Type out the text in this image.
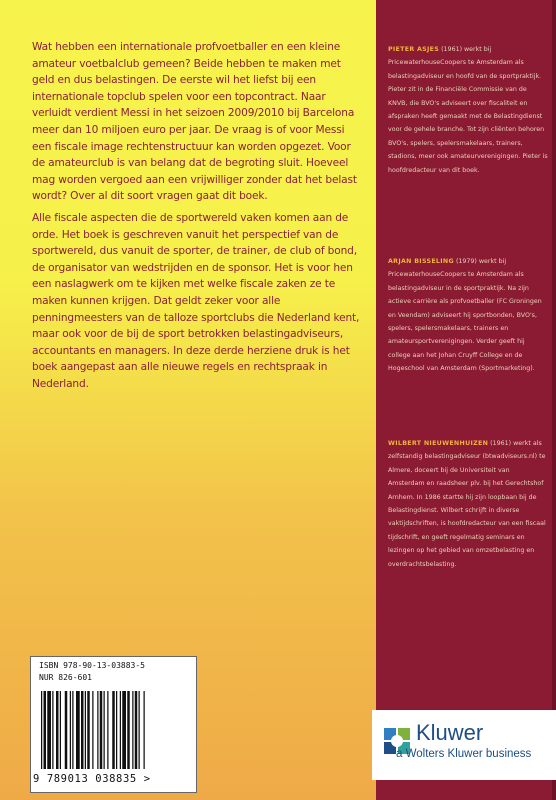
Wat hebben een internationale profvoetballer en een kleine amateur voetbalclub gemeen? Beide hebben te maken met geld en dus belastingen. De eerste wil het liefst bij een internationale topclub spelen voor een topcontract. Naar verluidt verdient Messi in het seizoen 2009/2010 bij Barcelona meer dan 10 miljoen euro per jaar. De vraag is of voor Messi een fiscale image rechtenstructuur kan worden opgezet. Voor de amateurclub is van belang dat de begroting sluit. Hoeveel mag worden vergoed aan een vrijwilliger zonder dat het belast wordt? Over al dit soort vragen gaat dit boek.

Alle fiscale aspecten die de sportwereld vaken komen aan de orde. Het boek is geschreven vanuit het perspectief van de sportwereld, dus vanuit de sporter, de trainer, de club of bond, de organisator van wedstrijden en de sponsor. Het is voor hen een naslagwerk om te kijken met welke fiscale zaken ze te maken kunnen krijgen. Dat geldt zeker voor alle penningmeesters van de talloze sportclubs die Nederland kent, maar ook voor de bij de sport betrokken belastingadviseurs, accountants en managers. In deze derde herziene druk is het boek aangepast aan alle nieuwe regels en rechtspraak in Nederland.

ISBN 978-90-13-03883-5
NUR 826-601
9 789013 038835 >

PIETER ASJES (1961) werkt bij PricewaterhouseCoopers te Amsterdam als belastingadviseur en hoofd van de sportpraktijk. Pieter zit in de Financiële Commissie van de KNVB, die BVO's adviseert over fiscaliteit en afspraken heeft gemaakt met de Belastingdienst voor de gehele branche. Tot zijn cliënten behoren BVO's, spelers, spelersmakelaars, trainers, stadions, meer ook amateurverenigingen. Pieter is hoofdredacteur van dit boek.

ARJAN BISSELING (1979) werkt bij PricewaterhouseCoopers te Amsterdam als belastingadviseur in de sportpraktijk. Na zijn actieve carrière als profvoetballer (FC Groningen en Veendam) adviseert hij sportbonden, BVO's, spelers, spelersmakelaars, trainers en amateursportverenigingen. Verder geeft hij college aan het Johan Cruyff College en de Hogeschool van Amsterdam (Sportmarketing).

WILBERT NIEUWENHUIZEN (1961) werkt als zelfstandig belastingadviseur (btwadviseurs.nl) te Almere, doceert bij de Universiteit van Amsterdam en raadsheer plv. bij het Gerechtshof Arnhem. In 1986 startte hij zijn loopbaan bij de Belastingdienst. Wilbert schrijft in diverse vaktijdschriften, is hoofdredacteur van een fiscaal tijdschrift, en geeft regelmatig seminars en lezingen op het gebied van omzetbelasting en overdrachtsbelasting.

Kluwer
a Wolters Kluwer business
